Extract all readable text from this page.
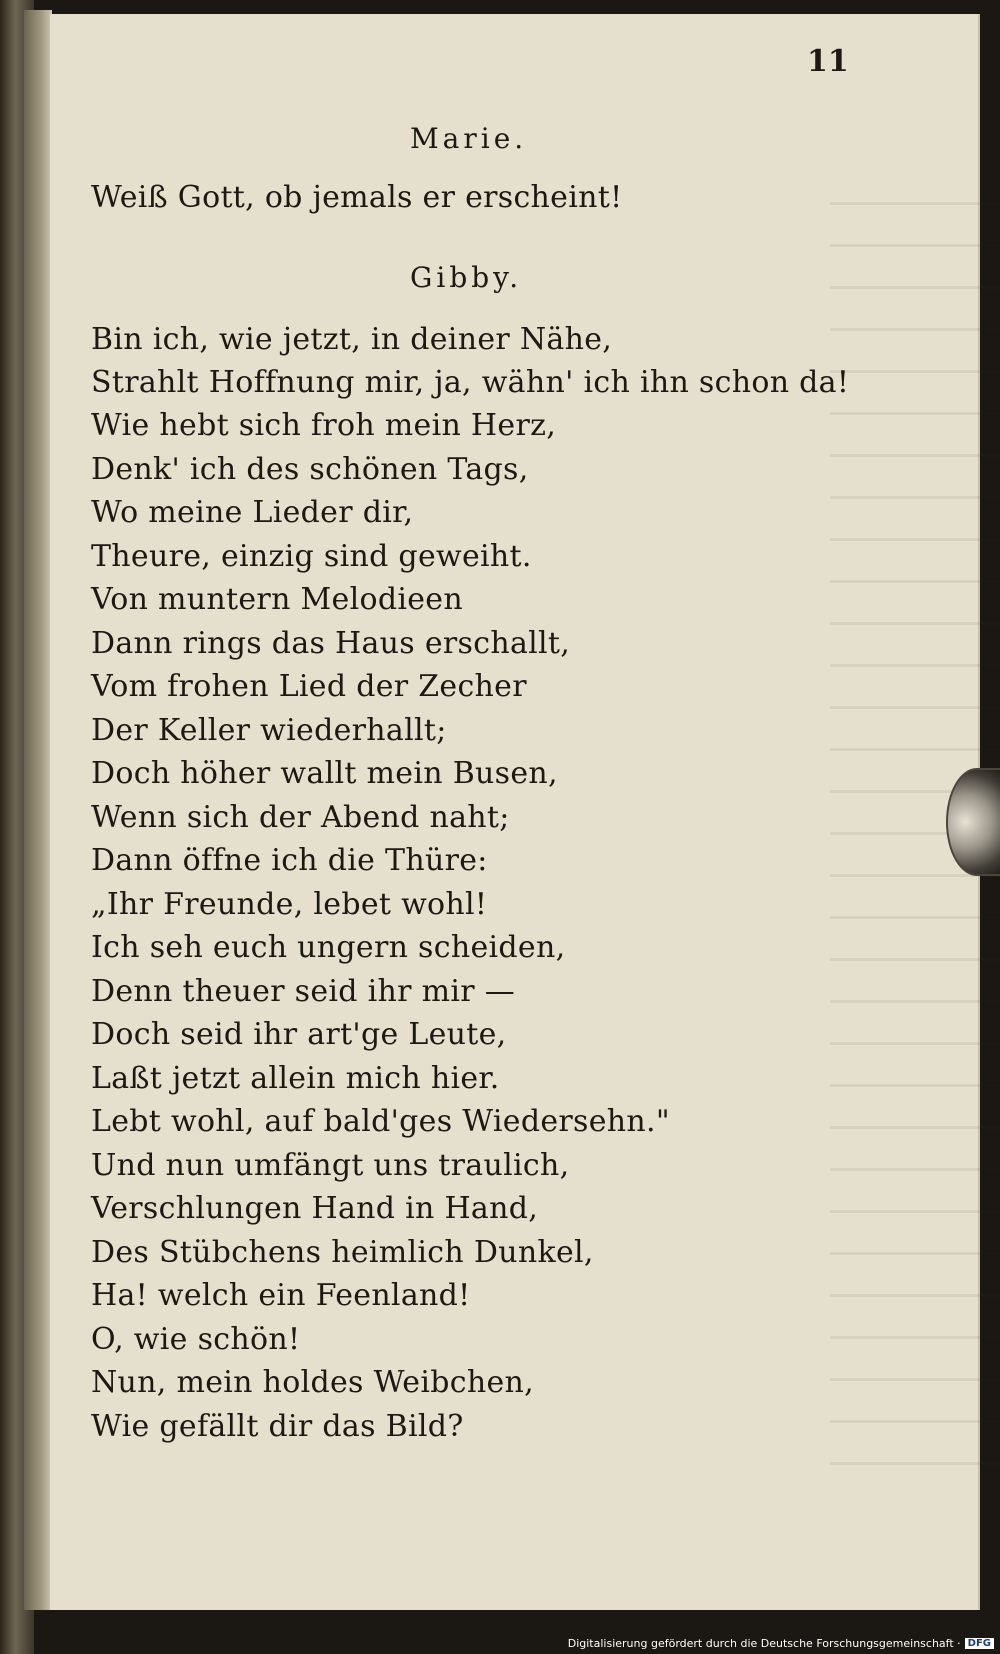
11
Marie.
Weiß Gott, ob jemals er erscheint!
Gibby.
Bin ich, wie jetzt, in deiner Nähe,
Strahlt Hoffnung mir, ja, wähn' ich ihn schon da!
Wie hebt sich froh mein Herz,
Denk' ich des schönen Tags,
Wo meine Lieder dir,
Theure, einzig sind geweiht.
Von muntern Melodieen
Dann rings das Haus erschallt,
Vom frohen Lied der Zecher
Der Keller wiederhallt;
Doch höher wallt mein Busen,
Wenn sich der Abend naht;
Dann öffne ich die Thüre:
„Ihr Freunde, lebet wohl!
Ich seh euch ungern scheiden,
Denn theuer seid ihr mir —
Doch seid ihr art'ge Leute,
Laßt jetzt allein mich hier.
Lebt wohl, auf bald'ges Wiedersehn."
Und nun umfängt uns traulich,
Verschlungen Hand in Hand,
Des Stübchens heimlich Dunkel,
Ha! welch ein Feenland!
O, wie schön!
Nun, mein holdes Weibchen,
Wie gefällt dir das Bild?
Digitalisierung gefördert durch die Deutsche Forschungsgemeinschaft · DFG
